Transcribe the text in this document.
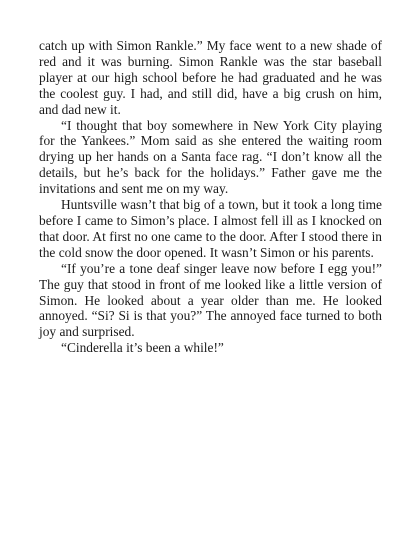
catch up with Simon Rankle.” My face went to a new shade of red and it was burning. Simon Rankle was the star baseball player at our high school before he had graduated and he was the coolest guy. I had, and still did, have a big crush on him, and dad new it.

“I thought that boy somewhere in New York City playing for the Yankees.” Mom said as she entered the waiting room drying up her hands on a Santa face rag. “I don’t know all the details, but he’s back for the holidays.” Father gave me the invitations and sent me on my way.

Huntsville wasn’t that big of a town, but it took a long time before I came to Simon’s place. I almost fell ill as I knocked on that door. At first no one came to the door. After I stood there in the cold snow the door opened. It wasn’t Simon or his parents.

“If you’re a tone deaf singer leave now before I egg you!” The guy that stood in front of me looked like a little version of Simon. He looked about a year older than me. He looked annoyed. “Si? Si is that you?” The annoyed face turned to both joy and surprised.

“Cinderella it’s been a while!”
